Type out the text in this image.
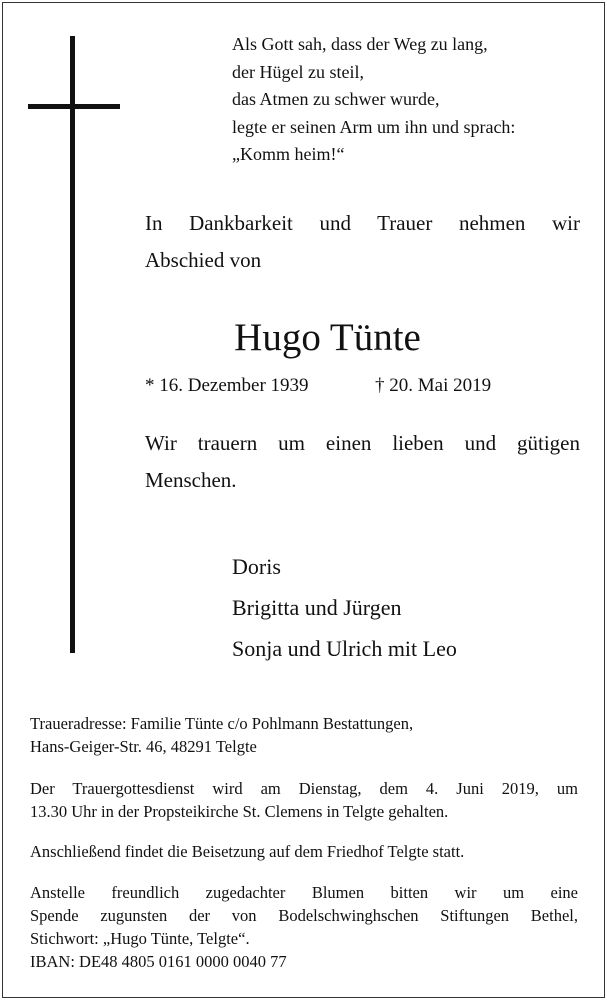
Als Gott sah, dass der Weg zu lang,
der Hügel zu steil,
das Atmen zu schwer wurde,
legte er seinen Arm um ihn und sprach:
„Komm heim!“
In Dankbarkeit und Trauer nehmen wir
Abschied von
Hugo Tünte
* 16. Dezember 1939	† 20. Mai 2019
Wir trauern um einen lieben und gütigen
Menschen.
Doris
Brigitta und Jürgen
Sonja und Ulrich mit Leo
Traueradresse: Familie Tünte c/o Pohlmann Bestattungen,
Hans-Geiger-Str. 46, 48291 Telgte
Der Trauergottesdienst wird am Dienstag, dem 4. Juni 2019, um
13.30 Uhr in der Propsteikirche St. Clemens in Telgte gehalten.
Anschließend findet die Beisetzung auf dem Friedhof Telgte statt.
Anstelle freundlich zugedachter Blumen bitten wir um eine
Spende zugunsten der von Bodelschwinghschen Stiftungen Bethel,
Stichwort: „Hugo Tünte, Telgte“.
IBAN: DE48 4805 0161 0000 0040 77
